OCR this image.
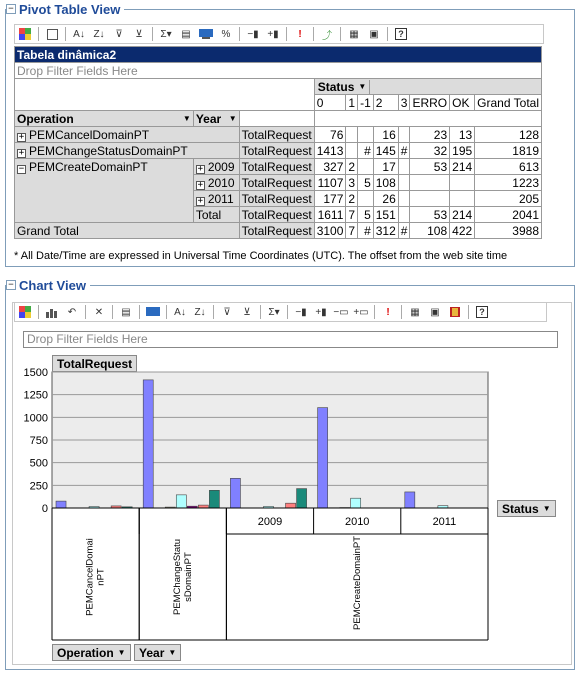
− Pivot Table View
A↓ Z↓	⊽	⊻	Σ▾ ▤	%	−▮ +▮	!	⤴	▦	▣	?
Tabela dinâmica2										
Drop Filter Fields Here										

			Status ▼							

			0	1	-1	2	3	ERRO	OK	Grand Total

Operation ▼	Year ▼									

+ PEMCancelDomainPT		TotalRequest	76			16		23	13	128
+ PEMChangeStatusDomainPT		TotalRequest	1413		#	145	#	32	195	1819
− PEMCreateDomainPT	+ 2009	TotalRequest	327	2		17		53	214	613
	+ 2010	TotalRequest	1107	3	5	108				1223
	+ 2011	TotalRequest	177	2		26				205
	Total	TotalRequest	1611	7	5	151		53	214	2041
Grand Total		TotalRequest	3100	7	#	312	#	108	422	3988
* All Date/Time are expressed in Universal Time Coordinates (UTC). The offset from the web site time
− Chart View
↶	✕	▤	A↓ Z↓	⊽	⊻	Σ▾	−▮ +▮ −▭ +▭	!	▦	▣	?
Drop Filter Fields Here
TotalRequest
1500
1250
1000
750
500
250
0
2009	2010	2011
PEMCancelDomainPT	PEMChangeStatusDomainPT	PEMCreateDomainPT
Status ▼
Operation ▼ Year ▼
